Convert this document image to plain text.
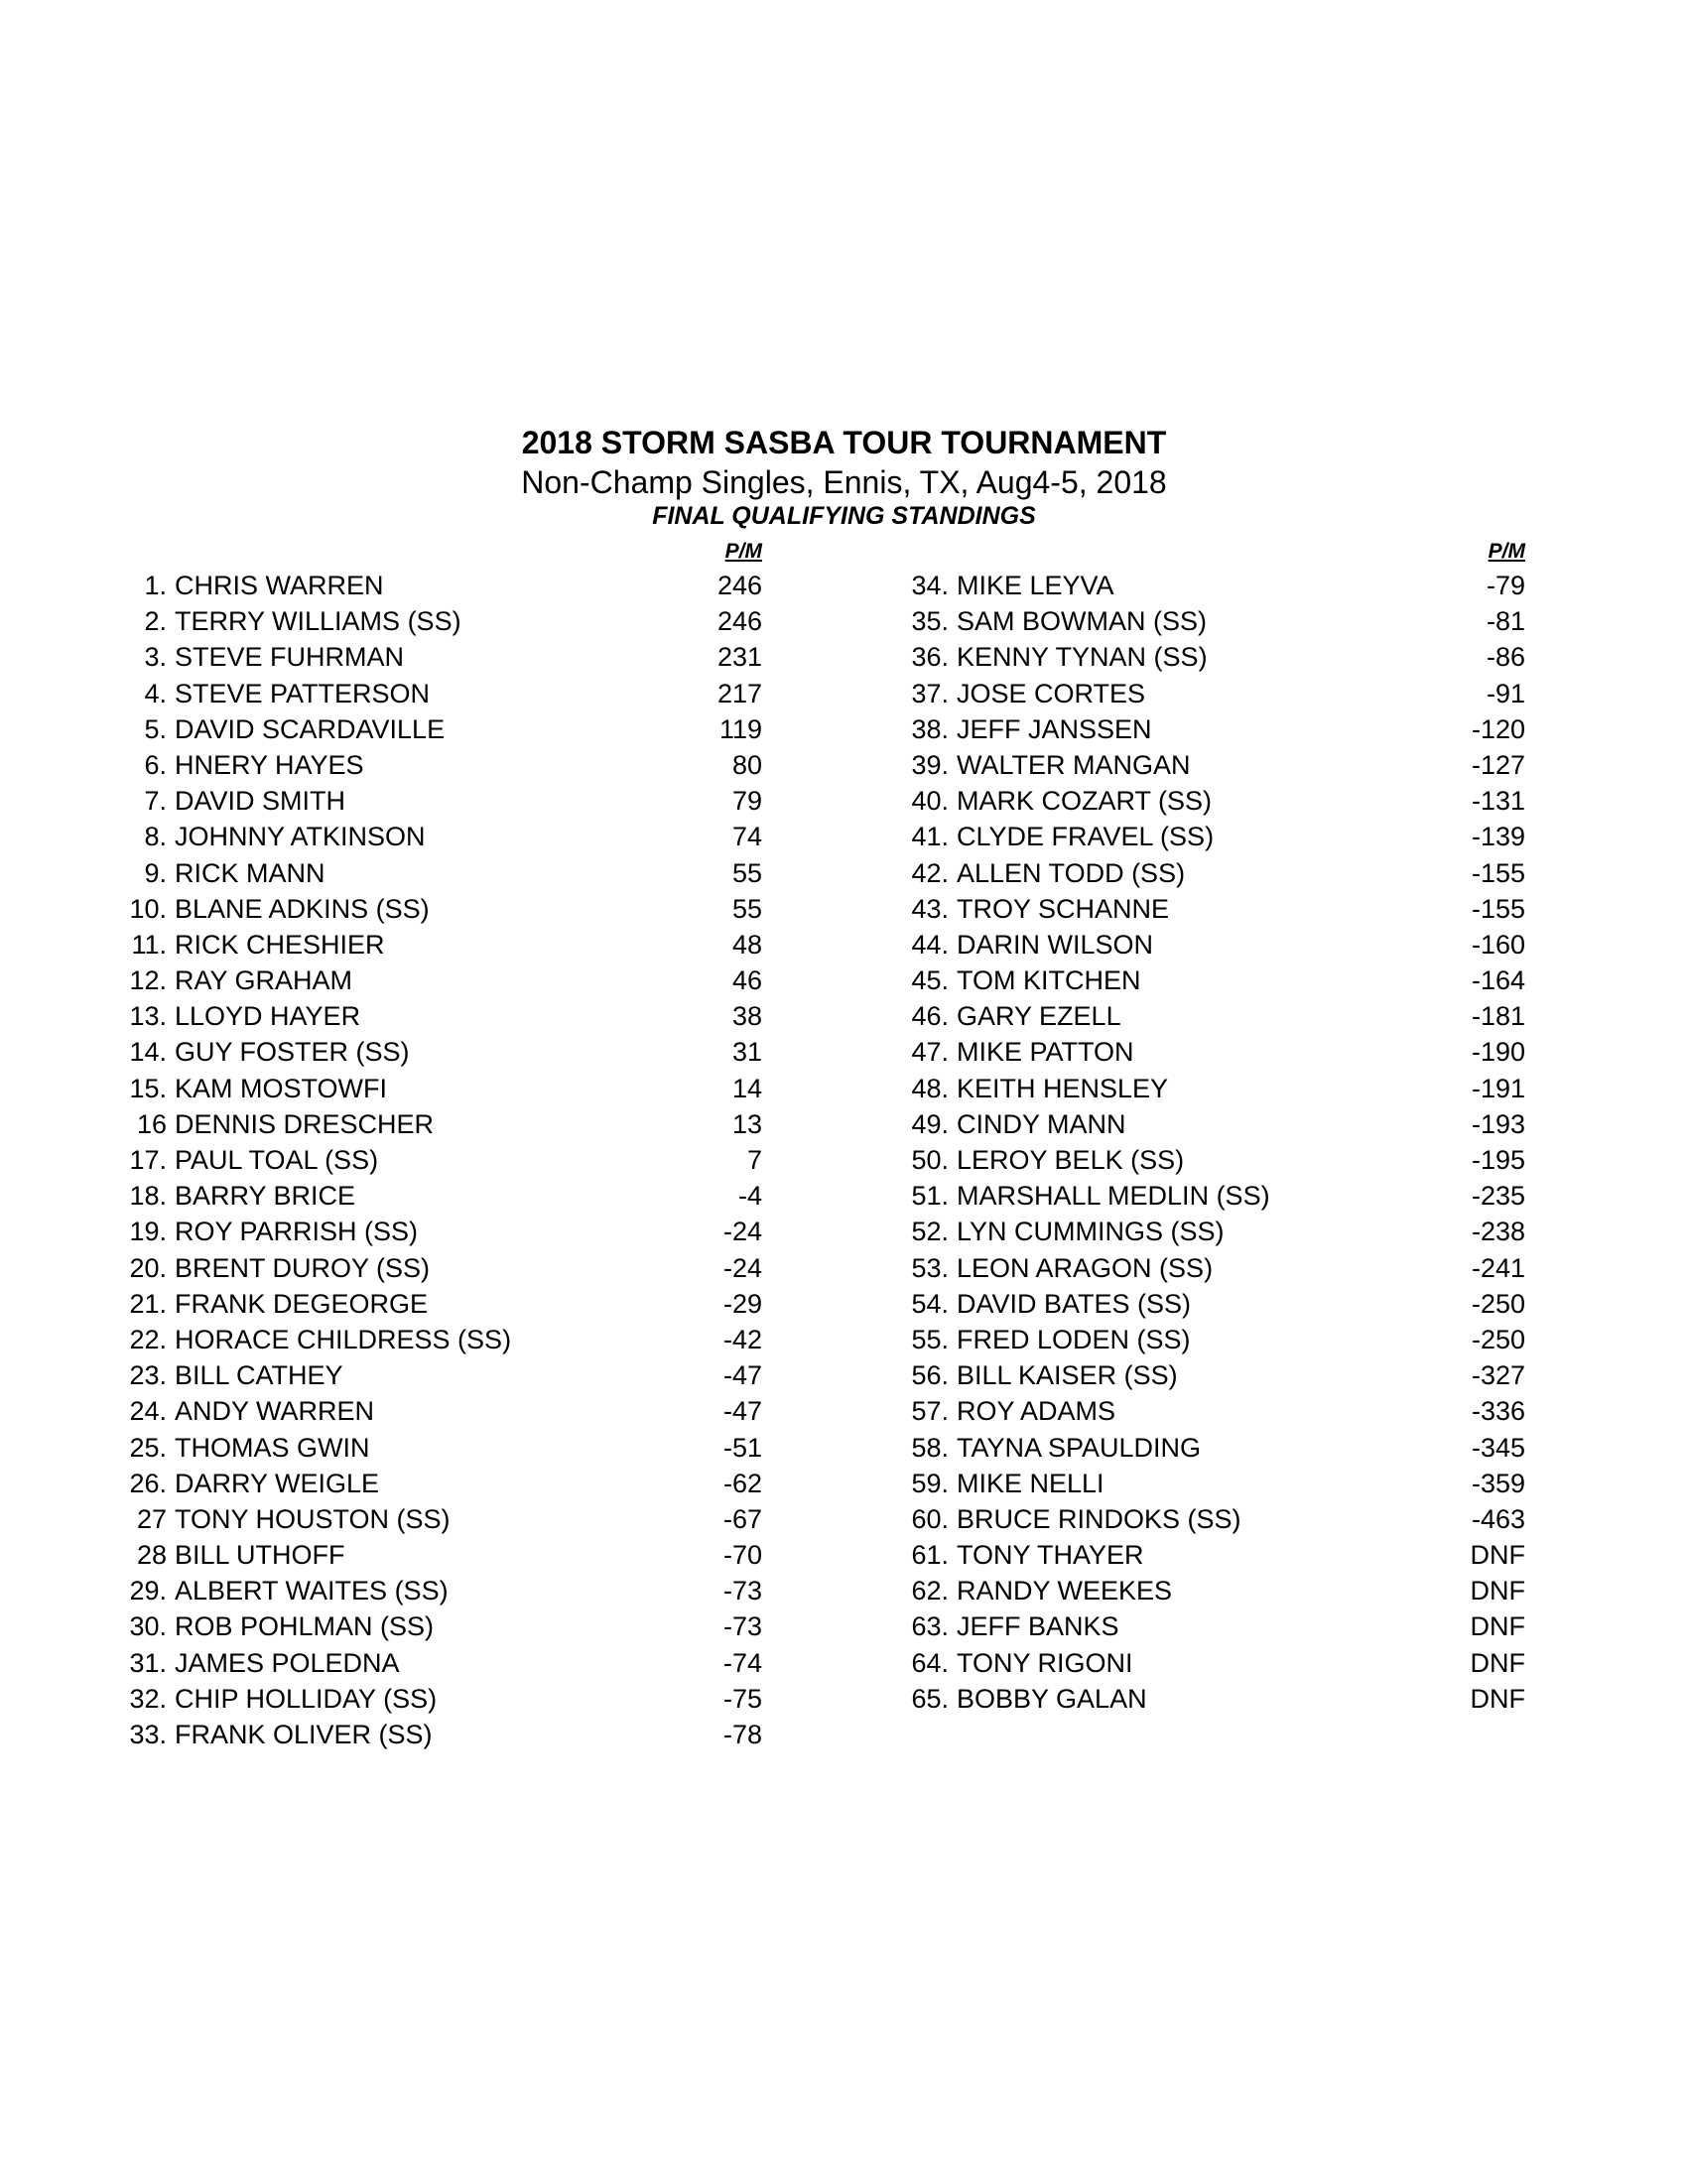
2018 STORM SASBA TOUR TOURNAMENT
Non-Champ Singles, Ennis, TX, Aug4-5, 2018
FINAL QUALIFYING STANDINGS
P/M	P/M
1. CHRIS WARREN	246
2. TERRY WILLIAMS (SS)	246
3. STEVE FUHRMAN	231
4. STEVE PATTERSON	217
5. DAVID SCARDAVILLE	119
6. HNERY HAYES	80
7. DAVID SMITH	79
8. JOHNNY ATKINSON	74
9. RICK MANN	55
10. BLANE ADKINS (SS)	55
11. RICK CHESHIER	48
12. RAY GRAHAM	46
13. LLOYD HAYER	38
14. GUY FOSTER (SS)	31
15. KAM MOSTOWFI	14
16 DENNIS DRESCHER	13
17. PAUL TOAL (SS)	7
18. BARRY BRICE	-4
19. ROY PARRISH (SS)	-24
20. BRENT DUROY (SS)	-24
21. FRANK DEGEORGE	-29
22. HORACE CHILDRESS (SS)	-42
23. BILL CATHEY	-47
24. ANDY WARREN	-47
25. THOMAS GWIN	-51
26. DARRY WEIGLE	-62
27 TONY HOUSTON (SS)	-67
28 BILL UTHOFF	-70
29. ALBERT WAITES (SS)	-73
30. ROB POHLMAN (SS)	-73
31. JAMES POLEDNA	-74
32. CHIP HOLLIDAY (SS)	-75
33. FRANK OLIVER (SS)	-78
34. MIKE LEYVA	-79
35. SAM BOWMAN (SS)	-81
36. KENNY TYNAN (SS)	-86
37. JOSE CORTES	-91
38. JEFF JANSSEN	-120
39. WALTER MANGAN	-127
40. MARK COZART (SS)	-131
41. CLYDE FRAVEL (SS)	-139
42. ALLEN TODD (SS)	-155
43. TROY SCHANNE	-155
44. DARIN WILSON	-160
45. TOM KITCHEN	-164
46. GARY EZELL	-181
47. MIKE PATTON	-190
48. KEITH HENSLEY	-191
49. CINDY MANN	-193
50. LEROY BELK (SS)	-195
51. MARSHALL MEDLIN (SS)	-235
52. LYN CUMMINGS (SS)	-238
53. LEON ARAGON (SS)	-241
54. DAVID BATES (SS)	-250
55. FRED LODEN (SS)	-250
56. BILL KAISER (SS)	-327
57. ROY ADAMS	-336
58. TAYNA SPAULDING	-345
59. MIKE NELLI	-359
60. BRUCE RINDOKS (SS)	-463
61. TONY THAYER	DNF
62. RANDY WEEKES	DNF
63. JEFF BANKS	DNF
64. TONY RIGONI	DNF
65. BOBBY GALAN	DNF
